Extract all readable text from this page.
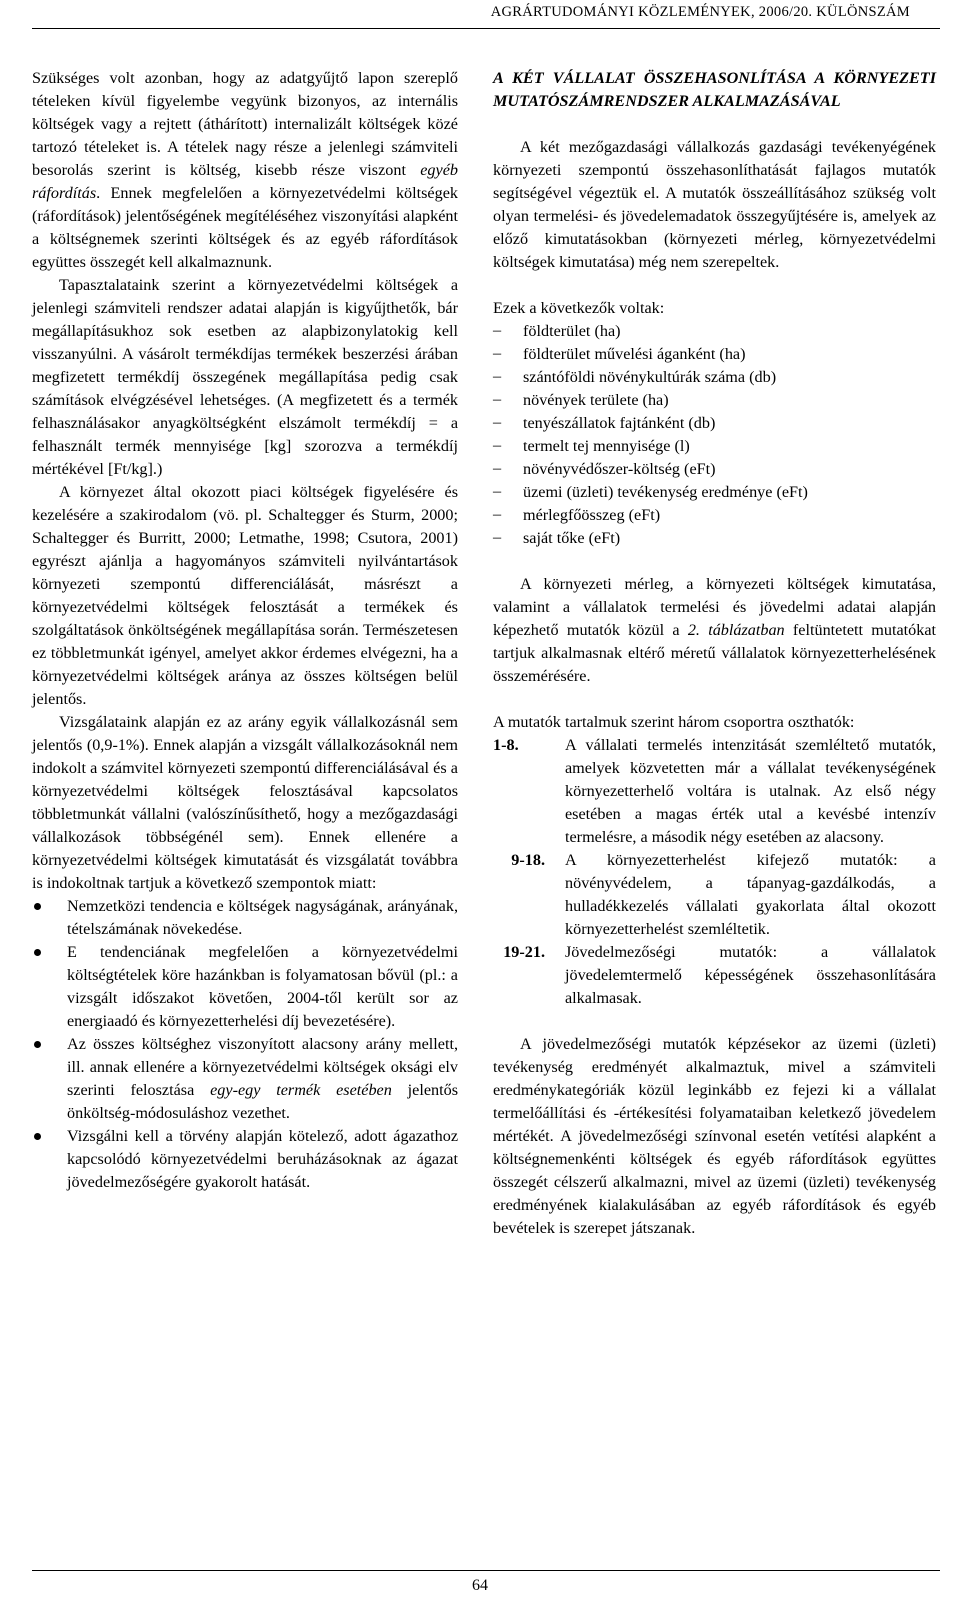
AGRÁRTUDOMÁNYI KÖZLEMÉNYEK, 2006/20. KÜLÖNSZÁM

Szükséges volt azonban, hogy az adatgyűjtő lapon szereplő tételeken kívül figyelembe vegyünk bizonyos, az internális költségek vagy a rejtett (áthárított) internalizált költségek közé tartozó tételeket is. A tételek nagy része a jelenlegi számviteli besorolás szerint is költség, kisebb része viszont egyéb ráfordítás. Ennek megfelelően a környezetvédelmi költségek (ráfordítások) jelentőségének megítéléséhez viszonyítási alapként a költségnemek szerinti költségek és az egyéb ráfordítások együttes összegét kell alkalmaznunk.

Tapasztalataink szerint a környezetvédelmi költségek a jelenlegi számviteli rendszer adatai alapján is kigyűjthetők, bár megállapításukhoz sok esetben az alapbizonylatokig kell visszanyúlni. A vásárolt termékdíjas termékek beszerzési árában megfizetett termékdíj összegének megállapítása pedig csak számítások elvégzésével lehetséges. (A megfizetett és a termék felhasználásakor anyagköltségként elszámolt termékdíj = a felhasznált termék mennyisége [kg] szorozva a termékdíj mértékével [Ft/kg].)

A környezet által okozott piaci költségek figyelésére és kezelésére a szakirodalom (vö. pl. Schaltegger és Sturm, 2000; Schaltegger és Burritt, 2000; Letmathe, 1998; Csutora, 2001) egyrészt ajánlja a hagyományos számviteli nyilvántartások környezeti szempontú differenciálását, másrészt a környezetvédelmi költségek felosztását a termékek és szolgáltatások önköltségének megállapítása során. Természetesen ez többletmunkát igényel, amelyet akkor érdemes elvégezni, ha a környezetvédelmi költségek aránya az összes költségen belül jelentős.

Vizsgálataink alapján ez az arány egyik vállalkozásnál sem jelentős (0,9-1%). Ennek alapján a vizsgált vállalkozásoknál nem indokolt a számvitel környezeti szempontú differenciálásával és a környezetvédelmi költségek felosztásával kapcsolatos többletmunkát vállalni (valószínűsíthető, hogy a mezőgazdasági vállalkozások többségénél sem). Ennek ellenére a környezetvédelmi költségek kimutatását és vizsgálatát továbbra is indokoltnak tartjuk a következő szempontok miatt:

Nemzetközi tendencia e költségek nagyságának, arányának, tételszámának növekedése.
E tendenciának megfelelően a környezetvédelmi költségtételek köre hazánkban is folyamatosan bővül (pl.: a vizsgált időszakot követően, 2004-től került sor az energiaadó és környezetterhelési díj bevezetésére).
Az összes költséghez viszonyított alacsony arány mellett, ill. annak ellenére a környezetvédelmi költségek oksági elv szerinti felosztása egy-egy termék esetében jelentős önköltség-módosuláshoz vezethet.
Vizsgálni kell a törvény alapján kötelező, adott ágazathoz kapcsolódó környezetvédelmi beruházásoknak az ágazat jövedelmezőségére gyakorolt hatását.

A KÉT VÁLLALAT ÖSSZEHASONLÍTÁSA A KÖRNYEZETI MUTATÓSZÁMRENDSZER ALKALMAZÁSÁVAL

A két mezőgazdasági vállalkozás gazdasági tevékenyégének környezeti szempontú összehasonlíthatását fajlagos mutatók segítségével végeztük el. A mutatók összeállításához szükség volt olyan termelési- és jövedelemadatok összegyűjtésére is, amelyek az előző kimutatásokban (környezeti mérleg, környezetvédelmi költségek kimutatása) még nem szerepeltek.

Ezek a következők voltak:

– földterület (ha)
– földterület művelési áganként (ha)
– szántóföldi növénykultúrák száma (db)
– növények területe (ha)
– tenyészállatok fajtánként (db)
– termelt tej mennyisége (l)
– növényvédőszer-költség (eFt)
– üzemi (üzleti) tevékenység eredménye (eFt)
– mérlegfőösszeg (eFt)
– saját tőke (eFt)

A környezeti mérleg, a környezeti költségek kimutatása, valamint a vállalatok termelési és jövedelmi adatai alapján képezhető mutatók közül a 2. táblázatban feltüntetett mutatókat tartjuk alkalmasnak eltérő méretű vállalatok környezetterhelésének összemérésére.

A mutatók tartalmuk szerint három csoportra oszthatók:

1-8.	A vállalati termelés intenzitását szemléltető mutatók, amelyek közvetetten már a vállalat tevékenységének környezetterhelő voltára is utalnak. Az első négy esetében a magas érték utal a kevésbé intenzív termelésre, a második négy esetében az alacsony.
9-18. A környezetterhelést kifejező mutatók: a növényvédelem, a tápanyag-gazdálkodás, a hulladékkezelés vállalati gyakorlata által okozott környezetterhelést szemléltetik.
19-21. Jövedelmezőségi mutatók: a vállalatok jövedelemtermelő képességének összehasonlítására alkalmasak.

A jövedelmezőségi mutatók képzésekor az üzemi (üzleti) tevékenység eredményét alkalmaztuk, mivel a számviteli eredménykategóriák közül leginkább ez fejezi ki a vállalat termelőállítási és -értékesítési folyamataiban keletkező jövedelem mértékét. A jövedelmezőségi színvonal esetén vetítési alapként a költségnemenkénti költségek és egyéb ráfordítások együttes összegét célszerű alkalmazni, mivel az üzemi (üzleti) tevékenység eredményének kialakulásában az egyéb ráfordítások és egyéb bevételek is szerepet játszanak.

64
